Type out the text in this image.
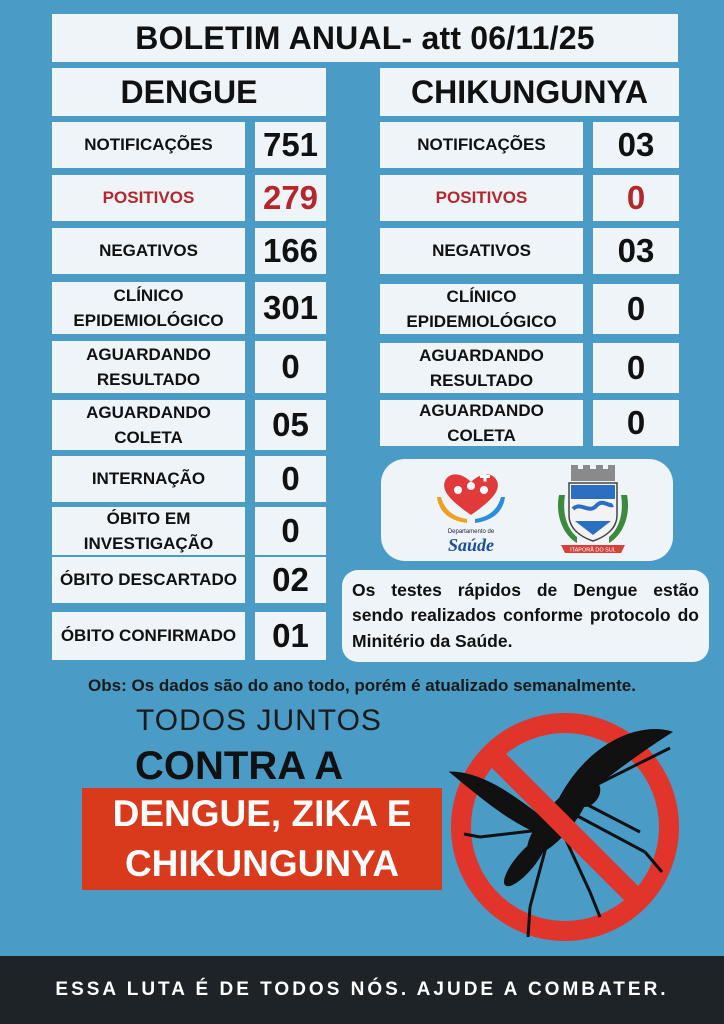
BOLETIM ANUAL- att 06/11/25
DENGUE	CHIKUNGUNYA
NOTIFICAÇÕES	751
POSITIVOS	279
NEGATIVOS	166
CLÍNICO EPIDEMIOLÓGICO	301
AGUARDANDO RESULTADO	0
AGUARDANDO COLETA	05
INTERNAÇÃO	0
ÓBITO EM INVESTIGAÇÃO	0
ÓBITO DESCARTADO	02
ÓBITO CONFIRMADO	01
NOTIFICAÇÕES	03
POSITIVOS	0
NEGATIVOS	03
CLÍNICO EPIDEMIOLÓGICO	0
AGUARDANDO RESULTADO	0
AGUARDANDO COLETA	0
Departamento de
Saúde	ITAPORÃ DO SUL
Os testes rápidos de Dengue estão sendo realizados conforme protocolo do Minitério da Saúde.
Obs: Os dados são do ano todo, porém é atualizado semanalmente.
TODOS JUNTOS
CONTRA A
DENGUE, ZIKA E
CHIKUNGUNYA
ESSA LUTA É DE TODOS NÓS. AJUDE A COMBATER.
